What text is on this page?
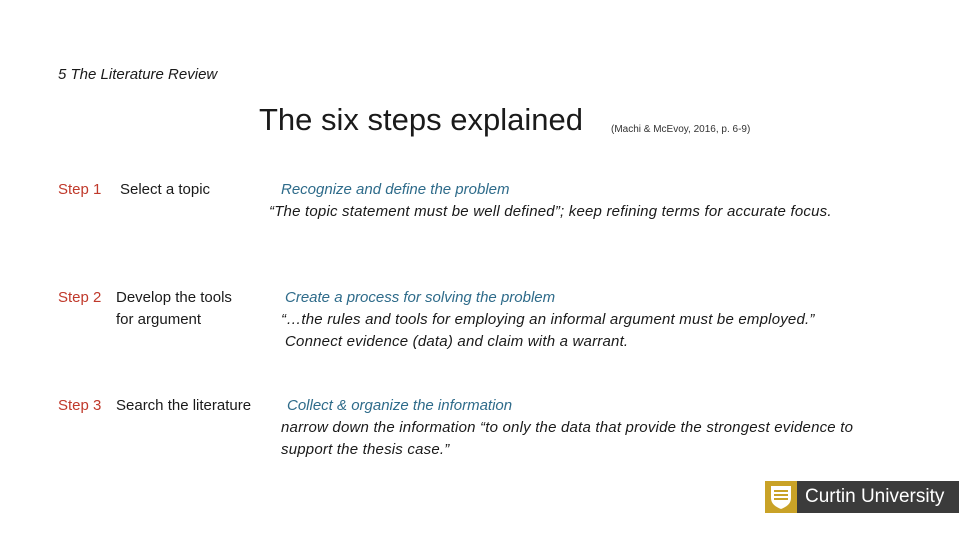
5 The Literature Review
The six steps explained	(Machi & McEvoy, 2016, p. 6-9)
Step 1 Select a topic	Recognize and define the problem
“The topic statement must be well defined”; keep refining terms for accurate focus.
Step 2 Develop the tools
for argument
Create a process for solving the problem
“…the rules and tools for employing an informal argument must be employed.”
Connect evidence (data) and claim with a warrant.
Step 3 Search the literature Collect & organize the information
narrow down the information “to only the data that provide the strongest evidence to
support the thesis case.”
Curtin University
